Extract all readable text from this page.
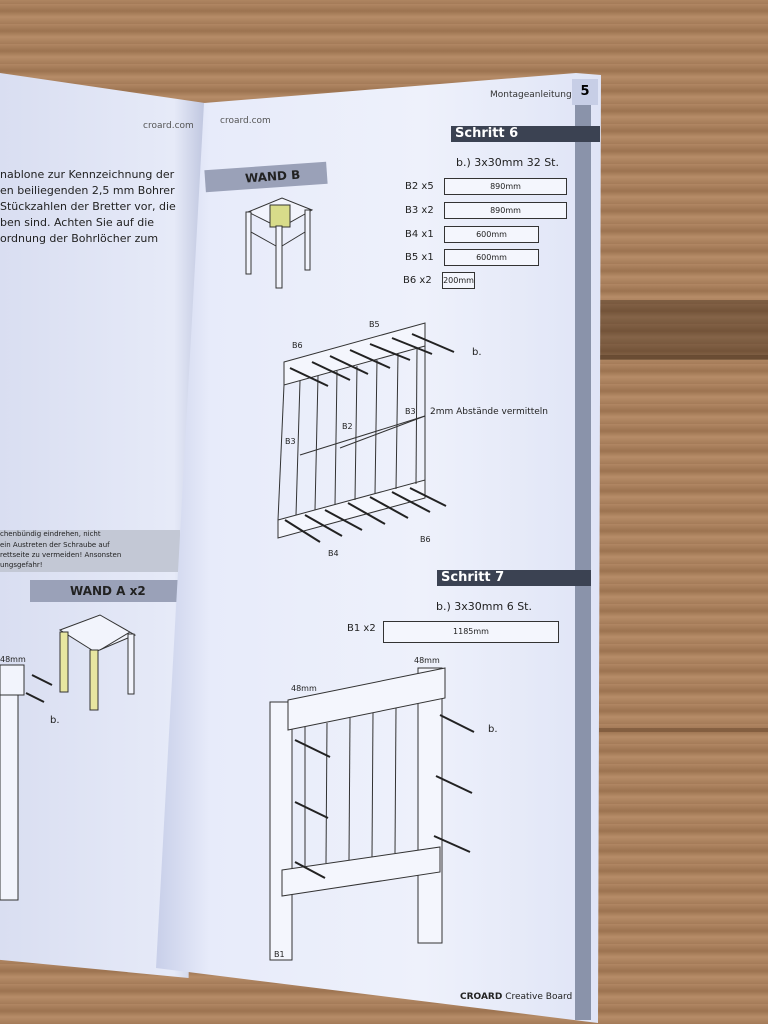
croard.com
nablone zur Kennzeichnung der
en beiliegenden 2,5 mm Bohrer
Stückzahlen der Bretter vor, die
ben sind. Achten Sie auf die
ordnung der Bohrlöcher zum
chenbündig eindrehen, nicht
ein Austreten der Schraube auf
rettseite zu vermeiden! Ansonsten
ungsgefahr!
WAND A x2
48mm
b.
croard.com
Montageanleitung 5
WAND B
Schritt 6
b.) 3x30mm 32 St.
B2 x5	890mm
B3 x2	890mm
B4 x1	600mm
B5 x1	600mm
B6 x2 200mm
Schritt 7
b.) 3x30mm 6 St.
B1 x2	1185mm
B5
B6
b.
B3
B2
B3 2mm Abstände vermitteln
B4
B6
48mm
48mm
b.
B1
CROARD Creative Board
